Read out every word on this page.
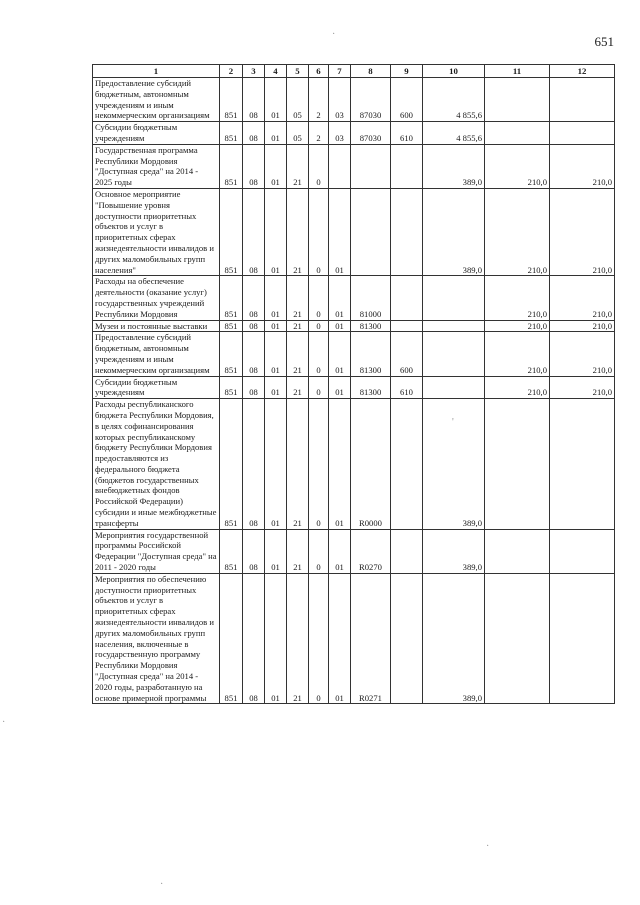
651
1	2	3	4	5	6	7	8	9	10	11	12
Предоставление субсидий бюджетным, автономным учреждениям и иным некоммерческим организациям	851	08	01	05	2	03	87030	600	4 855,6		
Субсидии бюджетным учреждениям	851	08	01	05	2	03	87030	610	4 855,6		
Государственная программа Республики Мордовия "Доступная среда" на 2014 - 2025 годы	851	08	01	21	0				389,0	210,0	210,0
Основное мероприятие "Повышение уровня доступности приоритетных объектов и услуг в приоритетных сферах жизнедеятельности инвалидов и других маломобильных групп населения"	851	08	01	21	0	01			389,0	210,0	210,0
Расходы на обеспечение деятельности (оказание услуг) государственных учреждений Республики Мордовия	851	08	01	21	0	01	81000			210,0	210,0
Музеи и постоянные выставки	851	08	01	21	0	01	81300			210,0	210,0
Предоставление субсидий бюджетным, автономным учреждениям и иным некоммерческим организациям	851	08	01	21	0	01	81300	600		210,0	210,0
Субсидии бюджетным учреждениям	851	08	01	21	0	01	81300	610		210,0	210,0
Расходы республиканского бюджета Республики Мордовия, в целях софинансирования которых республиканскому бюджету Республики Мордовия предоставляются из федерального бюджета (бюджетов государственных внебюджетных фондов Российской Федерации) субсидии и иные межбюджетные трансферты	851	08	01	21	0	01	R0000		389,0		
Мероприятия государственной программы Российской Федерации "Доступная среда" на 2011 - 2020 годы	851	08	01	21	0	01	R0270		389,0		
Мероприятия по обеспечению доступности приоритетных объектов и услуг в приоритетных сферах жизнедеятельности инвалидов и других маломобильных групп населения, включенные в государственную программу Республики Мордовия "Доступная среда" на 2014 - 2020 годы, разработанную на основе примерной программы	851	08	01	21	0	01	R0271		389,0		
·
'
·
·
·
